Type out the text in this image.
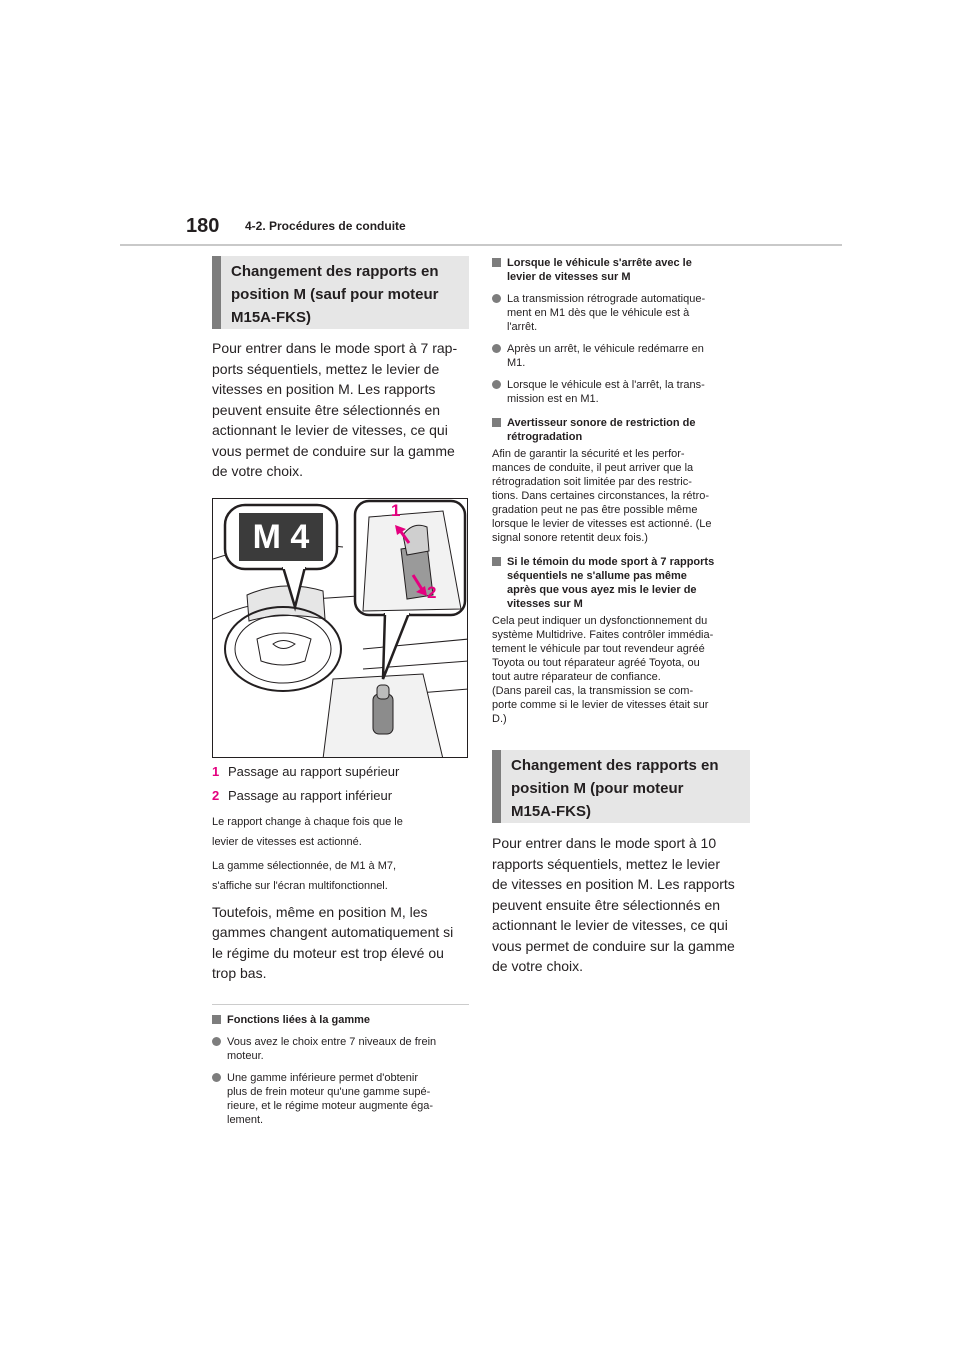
180 4-2. Procédures de conduite
Changement des rapports en
position M (sauf pour moteur
M15A-FKS)

Pour entrer dans le mode sport à 7 rap-

ports séquentiels, mettez le levier de

vitesses en position M. Les rapports

peuvent ensuite être sélectionnés en

actionnant le levier de vitesses, ce qui

vous permet de conduire sur la gamme

de votre choix.

M 4
1
2
1 Passage au rapport supérieur
2 Passage au rapport inférieur

Le rapport change à chaque fois que le

levier de vitesses est actionné.

La gamme sélectionnée, de M1 à M7,

s'affiche sur l'écran multifonctionnel.

Toutefois, même en position M, les

gammes changent automatiquement si

le régime du moteur est trop élevé ou

trop bas.

Fonctions liées à la gamme
Vous avez le choix entre 7 niveaux de frein
moteur.
Une gamme inférieure permet d'obtenir
plus de frein moteur qu'une gamme supé-
rieure, et le régime moteur augmente éga-
lement.
Lorsque le véhicule s'arrête avec le
levier de vitesses sur M
La transmission rétrograde automatique-
ment en M1 dès que le véhicule est à
l'arrêt.
Après un arrêt, le véhicule redémarre en
M1.
Lorsque le véhicule est à l'arrêt, la trans-
mission est en M1.
Avertisseur sonore de restriction de
rétrogradation

Afin de garantir la sécurité et les perfor-

mances de conduite, il peut arriver que la

rétrogradation soit limitée par des restric-

tions. Dans certaines circonstances, la rétro-

gradation peut ne pas être possible même

lorsque le levier de vitesses est actionné. (Le

signal sonore retentit deux fois.)

Si le témoin du mode sport à 7 rapports
séquentiels ne s'allume pas même
après que vous ayez mis le levier de
vitesses sur M

Cela peut indiquer un dysfonctionnement du

système Multidrive. Faites contrôler immédia-

tement le véhicule par tout revendeur agréé

Toyota ou tout réparateur agréé Toyota, ou

tout autre réparateur de confiance.

(Dans pareil cas, la transmission se com-

porte comme si le levier de vitesses était sur

D.)

Changement des rapports en
position M (pour moteur
M15A-FKS)

Pour entrer dans le mode sport à 10

rapports séquentiels, mettez le levier

de vitesses en position M. Les rapports

peuvent ensuite être sélectionnés en

actionnant le levier de vitesses, ce qui

vous permet de conduire sur la gamme

de votre choix.
